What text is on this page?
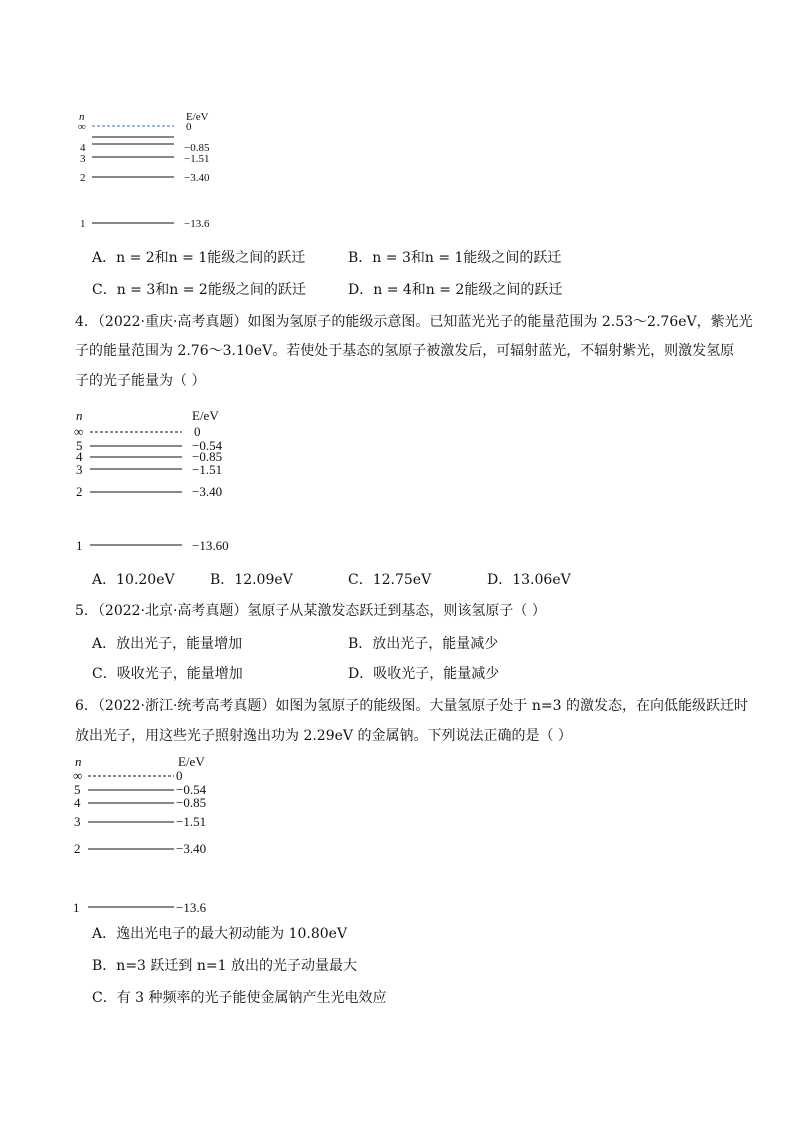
n	E/eV
∞	0
4	−0.85
3	−1.51
2	−3.40
1	−13.6
A．n = 2和n = 1能级之间的跃迁	B．n = 3和n = 1能级之间的跃迁
C．n = 3和n = 2能级之间的跃迁	D．n = 4和n = 2能级之间的跃迁
4．（2022·重庆·高考真题）如图为氢原子的能级示意图。已知蓝光光子的能量范围为 2.53～2.76eV，紫光光
子的能量范围为 2.76～3.10eV。若使处于基态的氢原子被激发后，可辐射蓝光，不辐射紫光，则激发氢原
子的光子能量为（ ）
n	E/eV
∞	0
5	−0.54
4	−0.85
3	−1.51
2	−3.40
1	−13.60
A．10.20eV	B．12.09eV	C．12.75eV	D．13.06eV
5．（2022·北京·高考真题）氢原子从某激发态跃迁到基态，则该氢原子（ ）
A．放出光子，能量增加	B．放出光子，能量减少
C．吸收光子，能量增加	D．吸收光子，能量减少
6．（2022·浙江·统考高考真题）如图为氢原子的能级图。大量氢原子处于 n=3 的激发态，在向低能级跃迁时
放出光子，用这些光子照射逸出功为 2.29eV 的金属钠。下列说法正确的是（ ）
n	E/eV
∞	0
5	−0.54
4	−0.85
3	−1.51
2	−3.40
1	−13.6
A．逸出光电子的最大初动能为 10.80eV
B．n=3 跃迁到 n=1 放出的光子动量最大
C．有 3 种频率的光子能使金属钠产生光电效应
